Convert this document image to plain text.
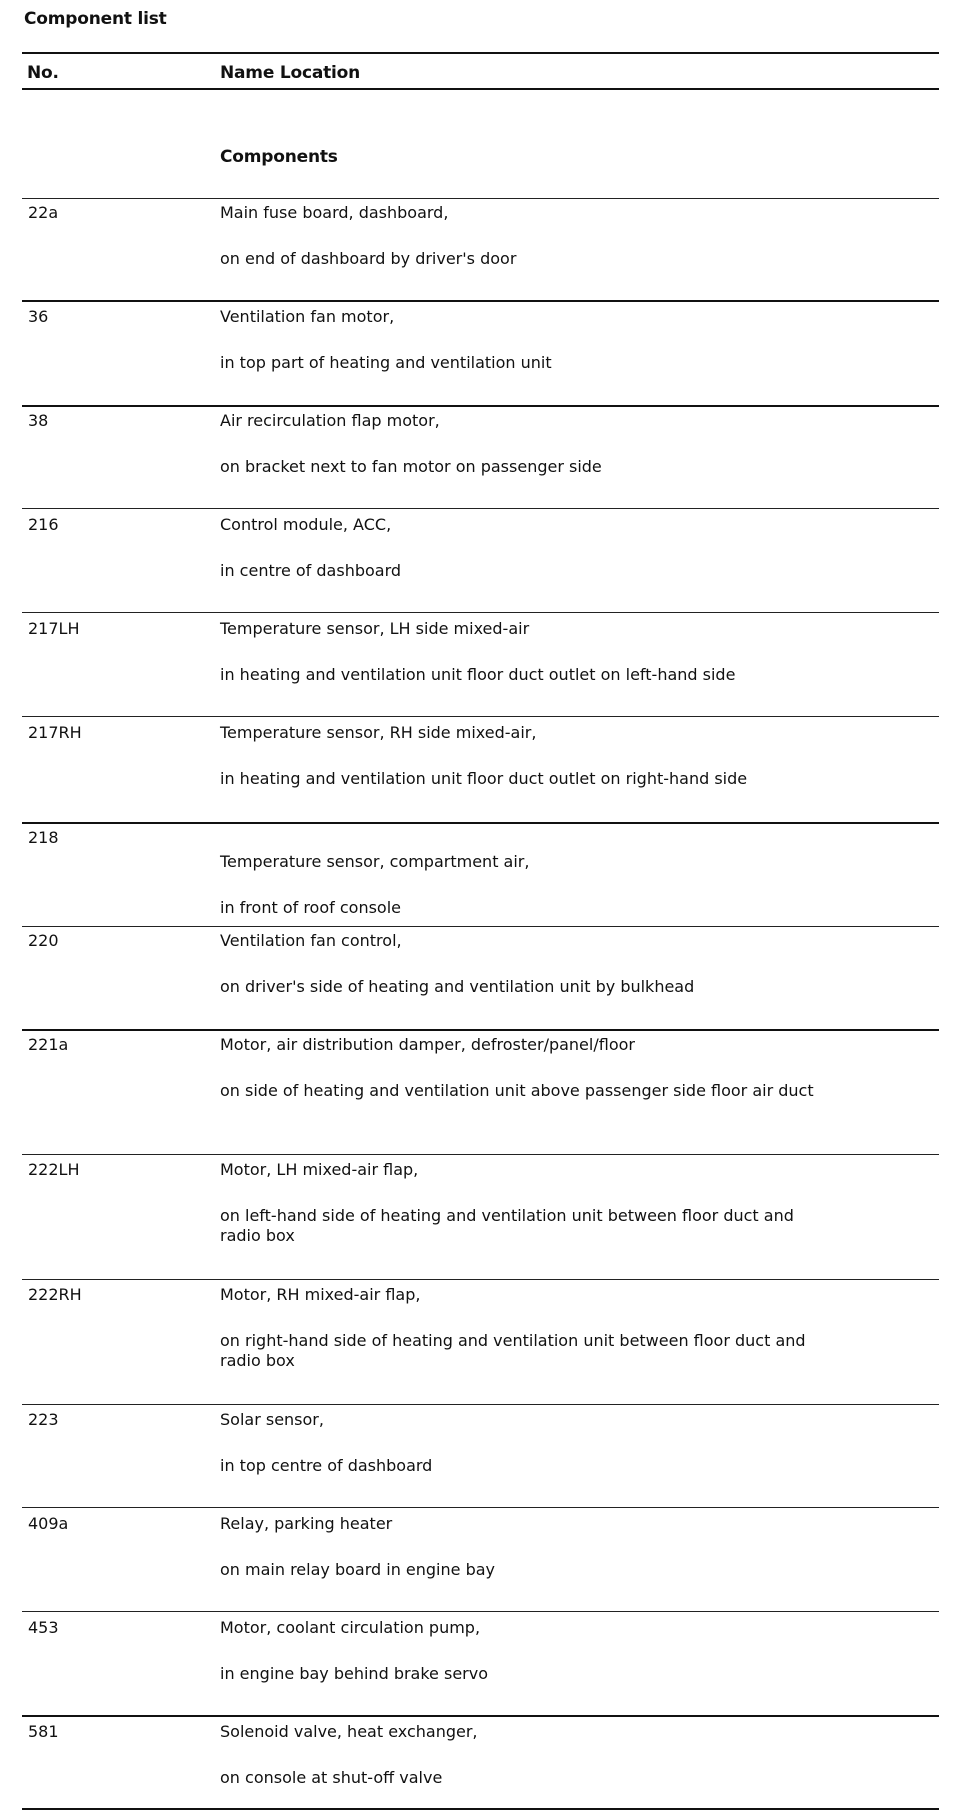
Component list
No.	Name Location
Components
22a	Main fuse board, dashboard,
on end of dashboard by driver's door
36	Ventilation fan motor,
in top part of heating and ventilation unit
38	Air recirculation flap motor,
on bracket next to fan motor on passenger side
216	Control module, ACC,
in centre of dashboard
217LH	Temperature sensor, LH side mixed-air
in heating and ventilation unit floor duct outlet on left-hand side
217RH	Temperature sensor, RH side mixed-air,
in heating and ventilation unit floor duct outlet on right-hand side
218
Temperature sensor, compartment air,
in front of roof console
220	Ventilation fan control,
on driver's side of heating and ventilation unit by bulkhead
221a	Motor, air distribution damper, defroster/panel/floor
on side of heating and ventilation unit above passenger side floor air duct
222LH	Motor, LH mixed-air flap,
on left-hand side of heating and ventilation unit between floor duct and radio box
222RH	Motor, RH mixed-air flap,
on right-hand side of heating and ventilation unit between floor duct and radio box
223	Solar sensor,
in top centre of dashboard
409a	Relay, parking heater
on main relay board in engine bay
453	Motor, coolant circulation pump,
in engine bay behind brake servo
581	Solenoid valve, heat exchanger,
on console at shut-off valve
